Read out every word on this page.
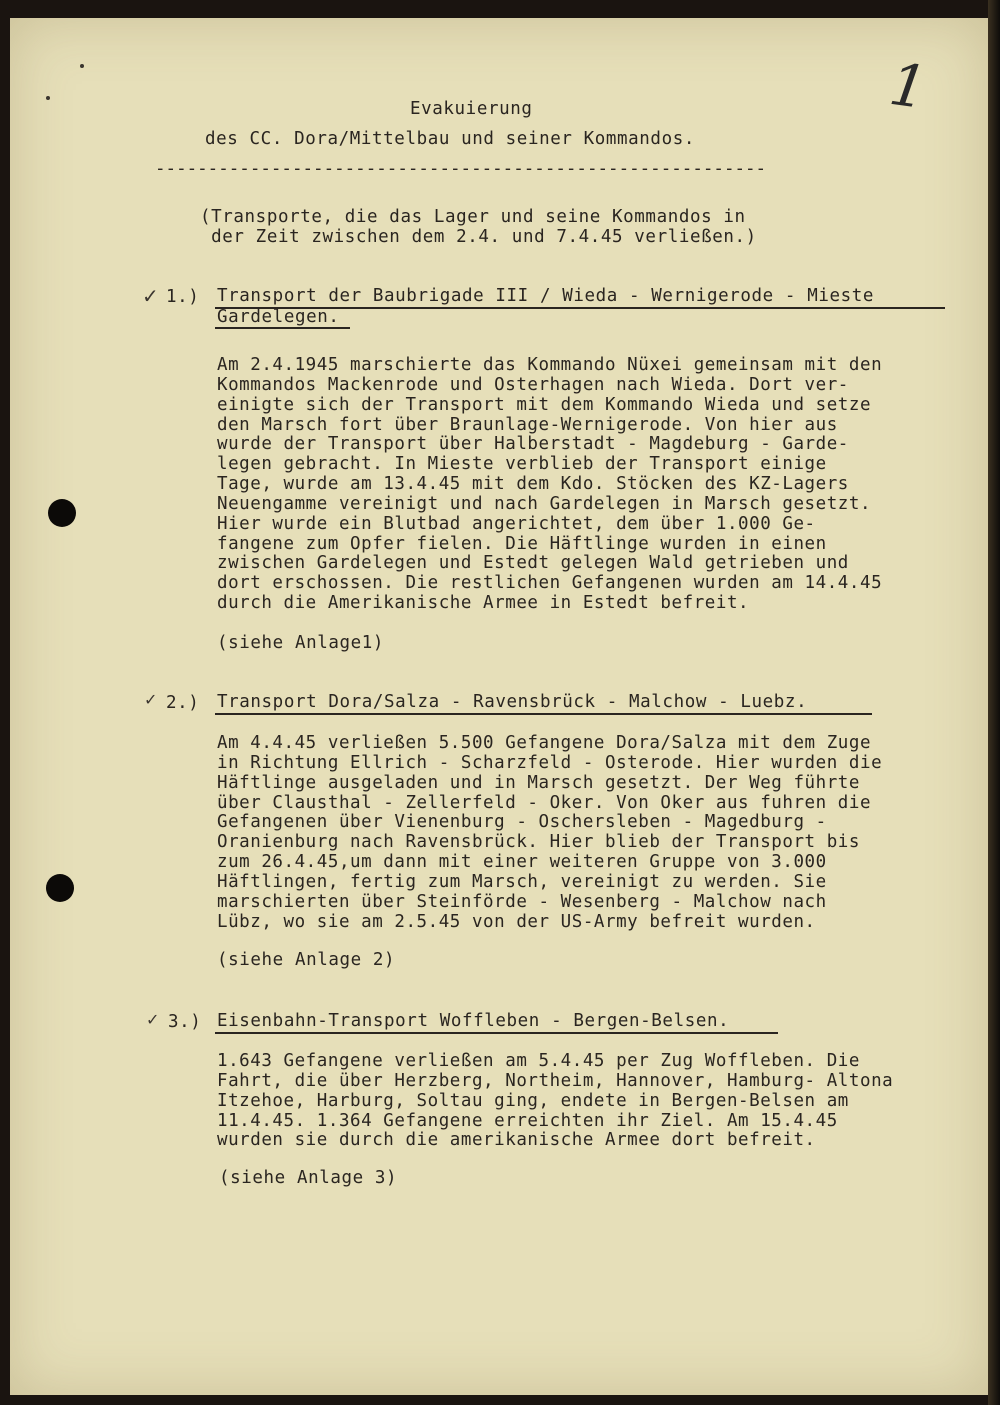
1
Evakuierung
des CC. Dora/Mittelbau und seiner Kommandos.
----------------------------------------------------------
(Transporte, die das Lager und seine Kommandos in
der Zeit zwischen dem 2.4. und 7.4.45 verließen.)
✓ 1.) Transport der Baubrigade III / Wieda - Wernigerode - Mieste
Gardelegen.
Am 2.4.1945 marschierte das Kommando Nüxei gemeinsam mit den
Kommandos Mackenrode und Osterhagen nach Wieda. Dort ver-
einigte sich der Transport mit dem Kommando Wieda und setze
den Marsch fort über Braunlage-Wernigerode. Von hier aus
wurde der Transport über Halberstadt - Magdeburg - Garde-
legen gebracht. In Mieste verblieb der Transport einige
Tage, wurde am 13.4.45 mit dem Kdo. Stöcken des KZ-Lagers
Neuengamme vereinigt und nach Gardelegen in Marsch gesetzt.
Hier wurde ein Blutbad angerichtet, dem über 1.000 Ge-
fangene zum Opfer fielen. Die Häftlinge wurden in einen
zwischen Gardelegen und Estedt gelegen Wald getrieben und
dort erschossen. Die restlichen Gefangenen wurden am 14.4.45
durch die Amerikanische Armee in Estedt befreit.
(siehe Anlage1)
✓ 2.) Transport Dora/Salza - Ravensbrück - Malchow - Luebz.
Am 4.4.45 verließen 5.500 Gefangene Dora/Salza mit dem Zuge
in Richtung Ellrich - Scharzfeld - Osterode. Hier wurden die
Häftlinge ausgeladen und in Marsch gesetzt. Der Weg führte
über Clausthal - Zellerfeld - Oker. Von Oker aus fuhren die
Gefangenen über Vienenburg - Oschersleben - Magedburg -
Oranienburg nach Ravensbrück. Hier blieb der Transport bis
zum 26.4.45,um dann mit einer weiteren Gruppe von 3.000
Häftlingen, fertig zum Marsch, vereinigt zu werden. Sie
marschierten über Steinförde - Wesenberg - Malchow nach
Lübz, wo sie am 2.5.45 von der US-Army befreit wurden.
(siehe Anlage 2)
✓ 3.) Eisenbahn-Transport Woffleben - Bergen-Belsen.
1.643 Gefangene verließen am 5.4.45 per Zug Woffleben. Die
Fahrt, die über Herzberg, Northeim, Hannover, Hamburg- Altona
Itzehoe, Harburg, Soltau ging, endete in Bergen-Belsen am
11.4.45. 1.364 Gefangene erreichten ihr Ziel. Am 15.4.45
wurden sie durch die amerikanische Armee dort befreit.
(siehe Anlage 3)
